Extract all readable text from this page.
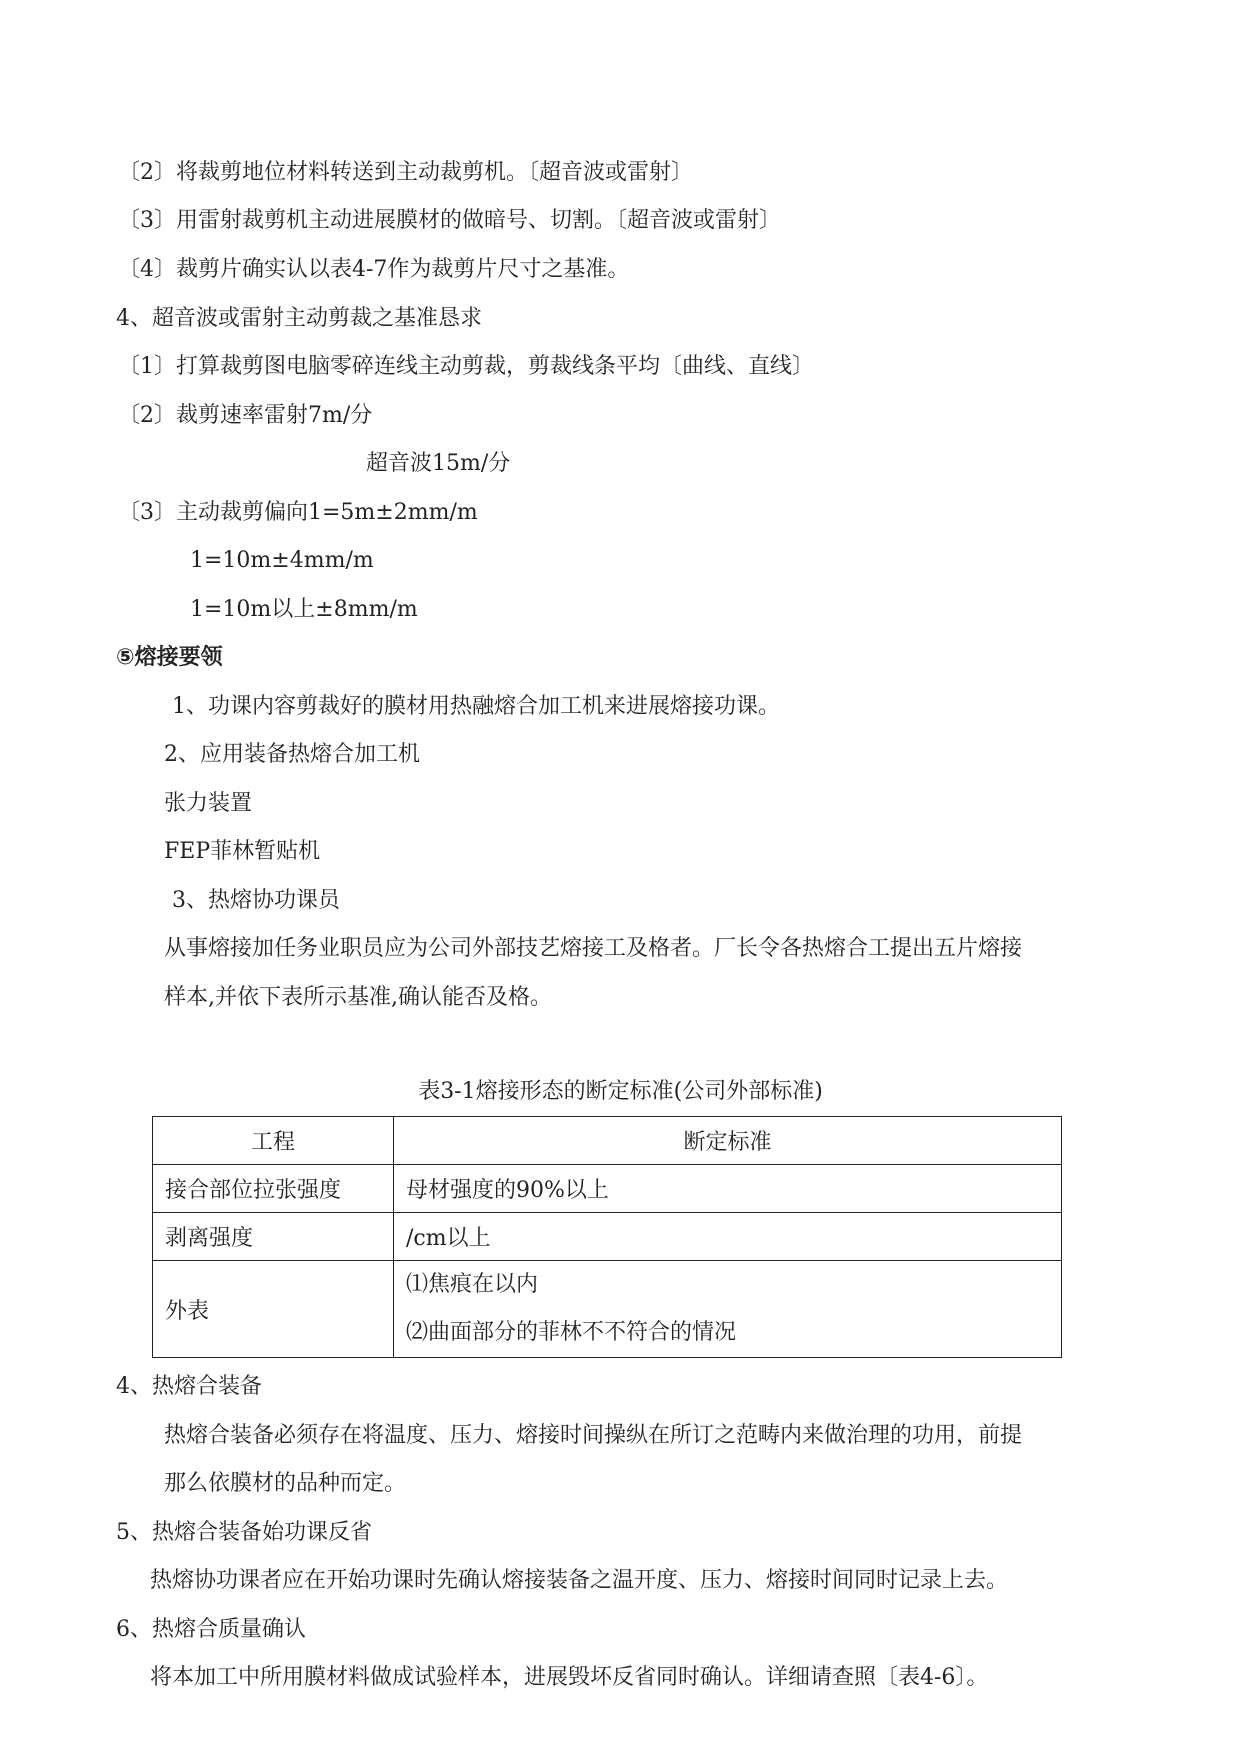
〔2〕将裁剪地位材料转送到主动裁剪机。〔超音波或雷射〕
〔3〕用雷射裁剪机主动进展膜材的做暗号、切割。〔超音波或雷射〕
〔4〕裁剪片确实认以表4-7作为裁剪片尺寸之基准。
4、超音波或雷射主动剪裁之基准恳求
〔1〕打算裁剪图电脑零碎连线主动剪裁，剪裁线条平均〔曲线、直线〕
〔2〕裁剪速率雷射7m/分
超音波15m/分
〔3〕主动裁剪偏向1=5m±2mm/m
1=10m±4mm/m
1=10m以上±8mm/m
⑤熔接要领
1、功课内容剪裁好的膜材用热融熔合加工机来进展熔接功课。
2、应用装备热熔合加工机
张力装置
FEP菲林暂贴机
3、热熔协功课员
从事熔接加任务业职员应为公司外部技艺熔接工及格者。厂长令各热熔合工提出五片熔接
样本,并依下表所示基准,确认能否及格。
表3-1熔接形态的断定标准(公司外部标准)
工程	断定标准
接合部位拉张强度	母材强度的90%以上
剥离强度	/cm以上
外表	⑴焦痕在以内
⑵曲面部分的菲林不不符合的情况
4、热熔合装备
热熔合装备必须存在将温度、压力、熔接时间操纵在所订之范畴内来做治理的功用，前提
那么依膜材的品种而定。
5、热熔合装备始功课反省
热熔协功课者应在开始功课时先确认熔接装备之温开度、压力、熔接时间同时记录上去。
6、热熔合质量确认
将本加工中所用膜材料做成试验样本，进展毁坏反省同时确认。详细请查照〔表4-6〕。
